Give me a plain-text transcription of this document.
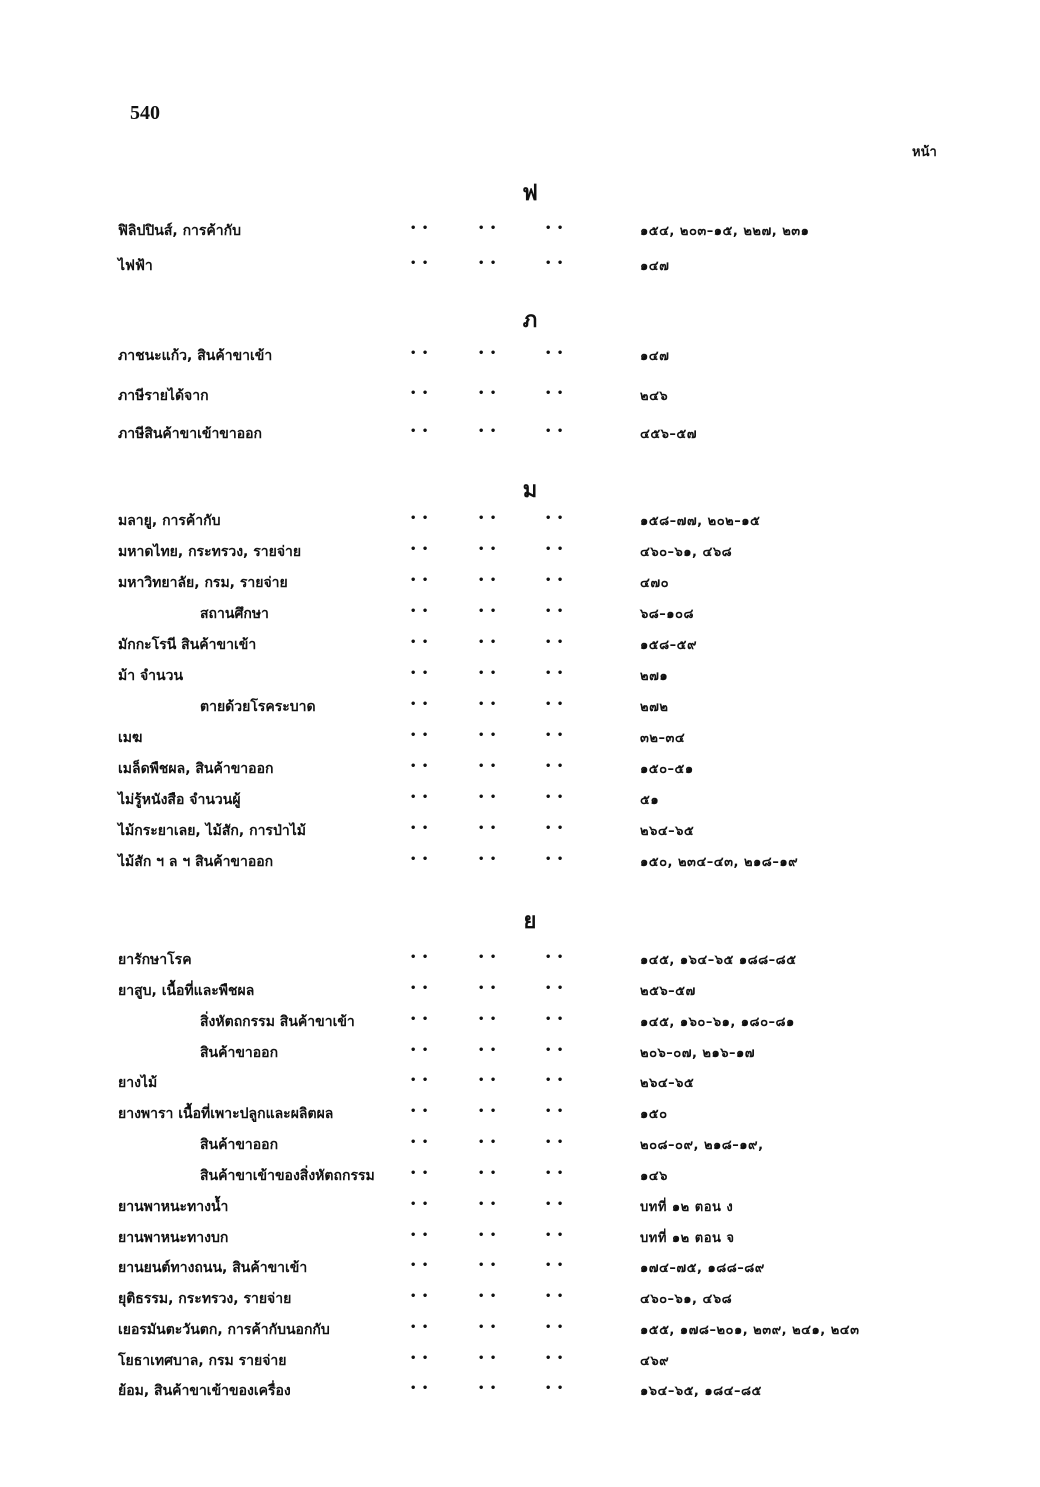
540
หน้า
ฟ
ฟิลิปปินส์, การค้ากับ	• •	• •	• •	๑๕๔, ๒๐๓–๑๕, ๒๒๗, ๒๓๑
ไฟฟ้า	• •	• •	• •	๑๔๗
ภ
ภาชนะแก้ว, สินค้าขาเข้า	• •	• •	• •	๑๔๗
ภาษีรายได้จาก	• •	• •	• •	๒๔๖
ภาษีสินค้าขาเข้าขาออก	• •	• •	• •	๔๕๖–๕๗
ม
มลายู, การค้ากับ	• •	• •	• •	๑๕๘–๗๗, ๒๐๒–๑๕
มหาดไทย, กระทรวง, รายจ่าย	• •	• •	• •	๔๖๐–๖๑, ๔๖๘
มหาวิทยาลัย, กรม, รายจ่าย	• •	• •	• •	๔๗๐
สถานศึกษา	• •	• •	• •	๖๘–๑๐๘
มักกะโรนี สินค้าขาเข้า	• •	• •	• •	๑๕๘–๕๙
ม้า จำนวน	• •	• •	• •	๒๗๑
ตายด้วยโรคระบาด	• •	• •	• •	๒๗๒
เมฆ	• •	• •	• •	๓๒–๓๔
เมล็ดพืชผล, สินค้าขาออก	• •	• •	• •	๑๕๐–๕๑
ไม่รู้หนังสือ จำนวนผู้	• •	• •	• •	๕๑
ไม้กระยาเลย, ไม้สัก, การป่าไม้	• •	• •	• •	๒๖๔–๖๕
ไม้สัก ฯ ล ฯ สินค้าขาออก	• •	• •	• •	๑๕๐, ๒๓๔–๔๓, ๒๑๘–๑๙
ย
ยารักษาโรค	• •	• •	• •	๑๔๕, ๑๖๔–๖๕ ๑๘๘–๘๕
ยาสูบ, เนื้อที่และพืชผล	• •	• •	• •	๒๕๖–๕๗
สิ่งหัตถกรรม สินค้าขาเข้า	• •	• •	• •	๑๔๕, ๑๖๐–๖๑, ๑๘๐–๘๑
สินค้าขาออก	• •	• •	• •	๒๐๖–๐๗, ๒๑๖–๑๗
ยางไม้	• •	• •	• •	๒๖๔–๖๕
ยางพารา เนื้อที่เพาะปลูกและผลิตผล	• •	• •	• •	๑๕๐
สินค้าขาออก	• •	• •	• •	๒๐๘–๐๙, ๒๑๘–๑๙,
สินค้าขาเข้าของสิ่งหัตถกรรม	• •	• •	• •	๑๔๖
ยานพาหนะทางน้ำ	• •	• •	• •	บทที่ ๑๒ ตอน ง
ยานพาหนะทางบก	• •	• •	• •	บทที่ ๑๒ ตอน จ
ยานยนต์ทางถนน, สินค้าขาเข้า	• •	• •	• •	๑๗๔–๗๕, ๑๘๘–๘๙
ยุติธรรม, กระทรวง, รายจ่าย	• •	• •	• •	๔๖๐–๖๑, ๔๖๘
เยอรมันตะวันตก, การค้ากับนอกกับ	• •	• •	• •	๑๕๕, ๑๗๘–๒๐๑, ๒๓๙, ๒๔๑, ๒๔๓
โยธาเทศบาล, กรม รายจ่าย	• •	• •	• •	๔๖๙
ย้อม, สินค้าขาเข้าของเครื่อง	• •	• •	• •	๑๖๔–๖๕, ๑๘๔–๘๕
